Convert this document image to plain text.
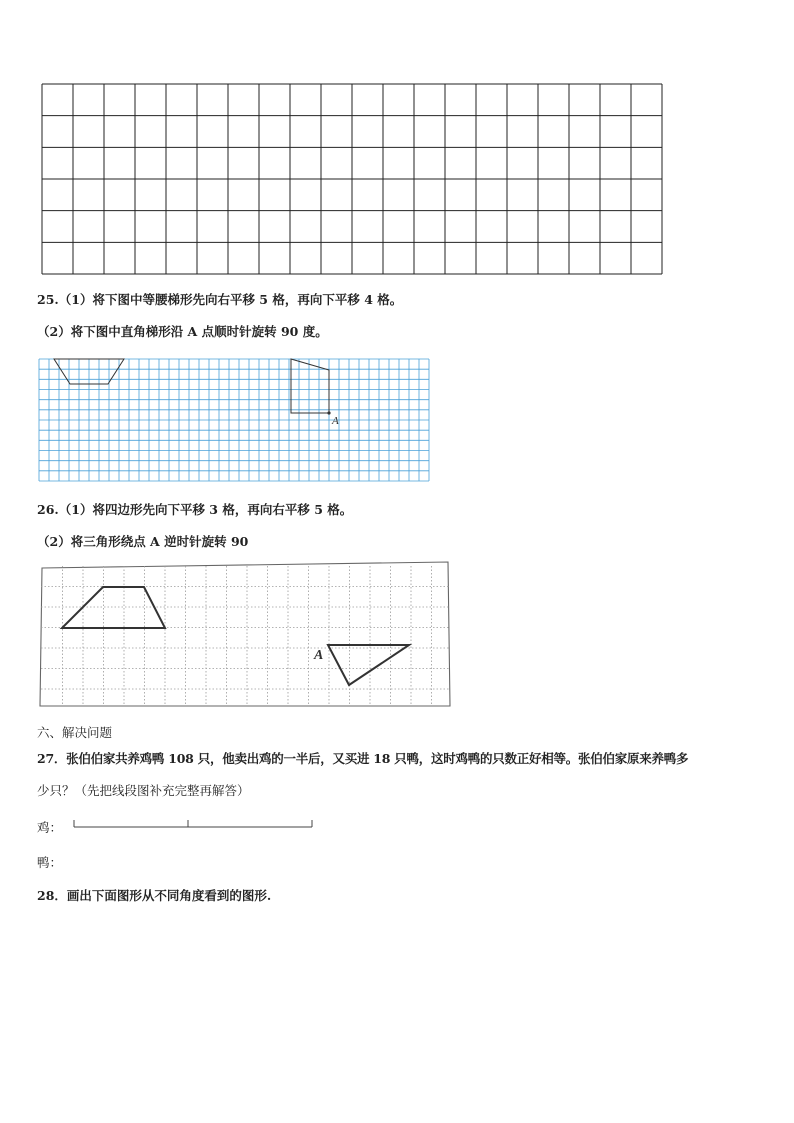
25.（1）将下图中等腰梯形先向右平移 5 格，再向下平移 4 格。
（2）将下图中直角梯形沿 A 点顺时针旋转 90 度。
A
26.（1）将四边形先向下平移 3 格，再向右平移 5 格。
（2）将三角形绕点 A 逆时针旋转 90
A
六、解决问题
27．张伯伯家共养鸡鸭 108 只，他卖出鸡的一半后，又买进 18 只鸭，这时鸡鸭的只数正好相等。张伯伯家原来养鸭多
少只？（先把线段图补充完整再解答）
鸡：
鸭：
28．画出下面图形从不同角度看到的图形.
